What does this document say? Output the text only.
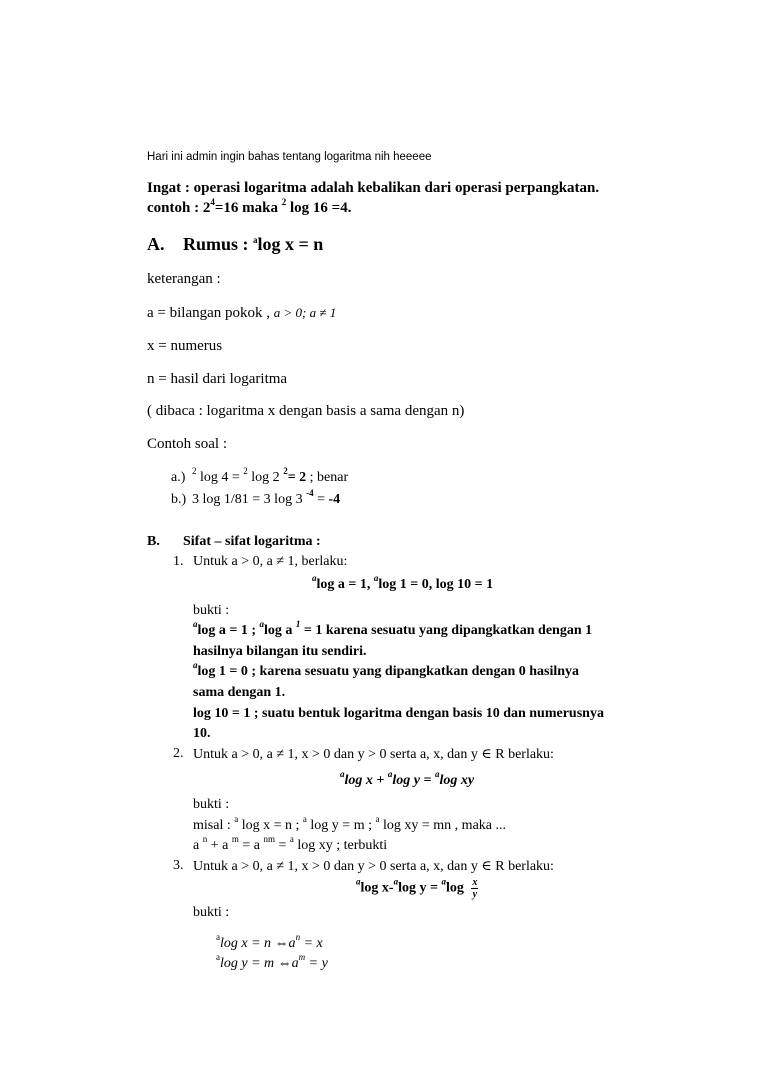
Hari ini admin ingin bahas tentang logaritma nih heeeee
Ingat : operasi logaritma adalah kebalikan dari operasi perpangkatan.
contoh : $2^4=16$ maka $^2$ log 16 =4.
A. Rumus : $^a$log x = n
keterangan :
a = bilangan pokok , a > 0; a ≠ 1
x = numerus
n = hasil dari logaritma
( dibaca : logaritma x dengan basis a sama dengan n)
Contoh soal :
a.) $^2$ log 4 = $^2$ log 2 $^2$= 2 ; benar
b.) 3 log 1/81 = 3 log 3 $^{-4}$ = -4
B. Sifat – sifat logaritma :
1. Untuk a > 0, a ≠ 1, berlaku:
$^a$log a = 1, $^a$log 1 = 0, log 10 = 1
bukti :
$^a$log a = 1 ; $^a$log a $^1$ = 1 karena sesuatu yang dipangkatkan dengan 1
hasilnya bilangan itu sendiri.
$^a$log 1 = 0 ; karena sesuatu yang dipangkatkan dengan 0 hasilnya
sama dengan 1.
log 10 = 1 ; suatu bentuk logaritma dengan basis 10 dan numerusnya
10.
2. Untuk a > 0, a ≠ 1, x > 0 dan y > 0 serta a, x, dan y ∈ R berlaku:
$^a$log x + $^a$log y = $^a$log xy
bukti :
misal : $^a$ log x = n ; $^a$ log y = m ; $^a$ log xy = mn , maka ...
a $^n$ + a $^m$ = a $^{nm}$ = $^a$ log xy ; terbukti
3. Untuk a > 0, a ≠ 1, x > 0 dan y > 0 serta a, x, dan y ∈ R berlaku:
$^a$log x-$^a$log $y = ^a\log \frac{x}{y}$
bukti :
$^a$log x = n $\Leftrightarrow a^n = x$
$^a$log y = m $\Leftrightarrow a^m = y$
